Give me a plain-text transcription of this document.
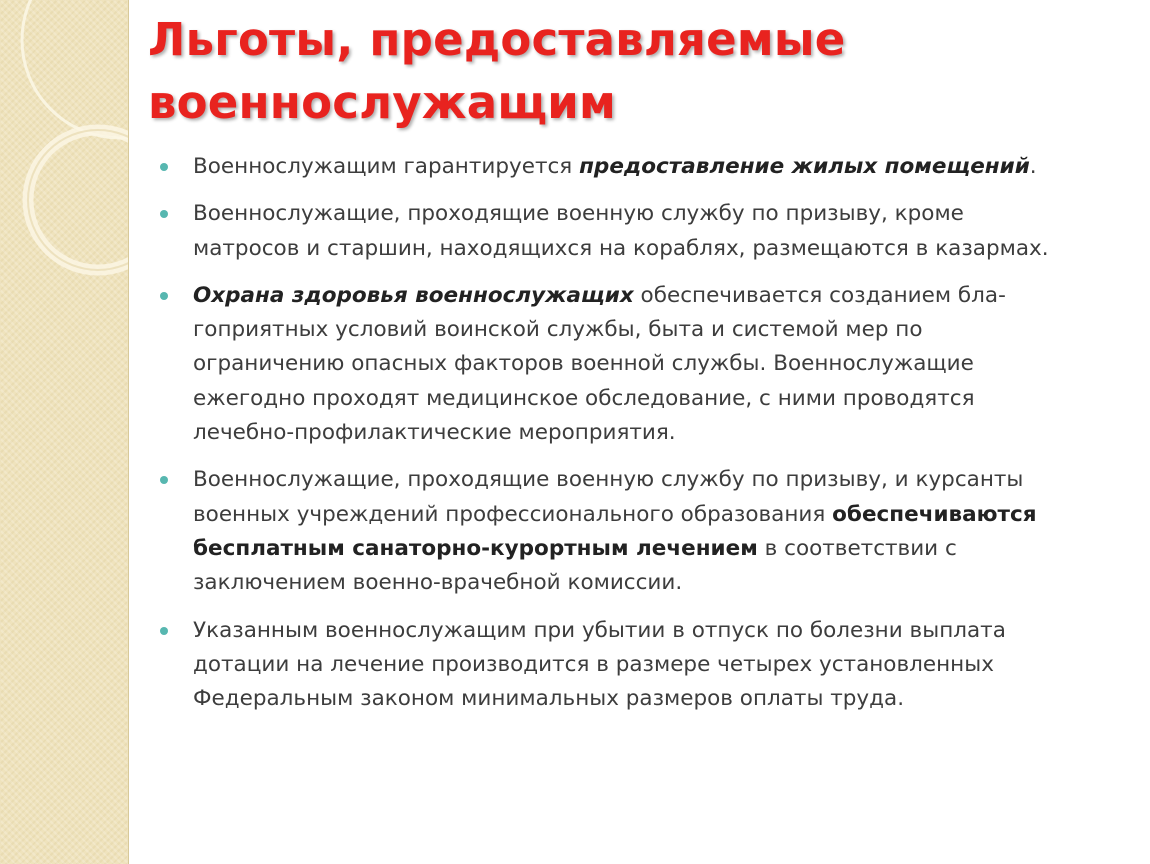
Льготы, предоставляемые
военнослужащим
Военнослужащим гарантируется предоставление жилых помещений.
Военнослужащие, проходящие военную службу по призыву, кроме матросов и старшин, находящихся на кораблях, размещаются в казармах.
Охрана здоровья военнослужащих обеспечивается созданием благоприятных условий воинской службы, быта и системой мер по ограничению опасных факторов военной службы. Военнослужащие ежегодно проходят медицинское обследование, с ними проводятся лечебно-профилактические мероприятия.
Военнослужащие, проходящие военную службу по призыву, и курсанты военных учреждений профессионального образования обеспечиваются бесплатным санаторно-курортным лечением в соответствии с заключением военно-врачебной комиссии.
Указанным военнослужащим при убытии в отпуск по болезни выплата дотации на лечение производится в размере четырех установленных Федеральным законом минимальных размеров оплаты труда.
